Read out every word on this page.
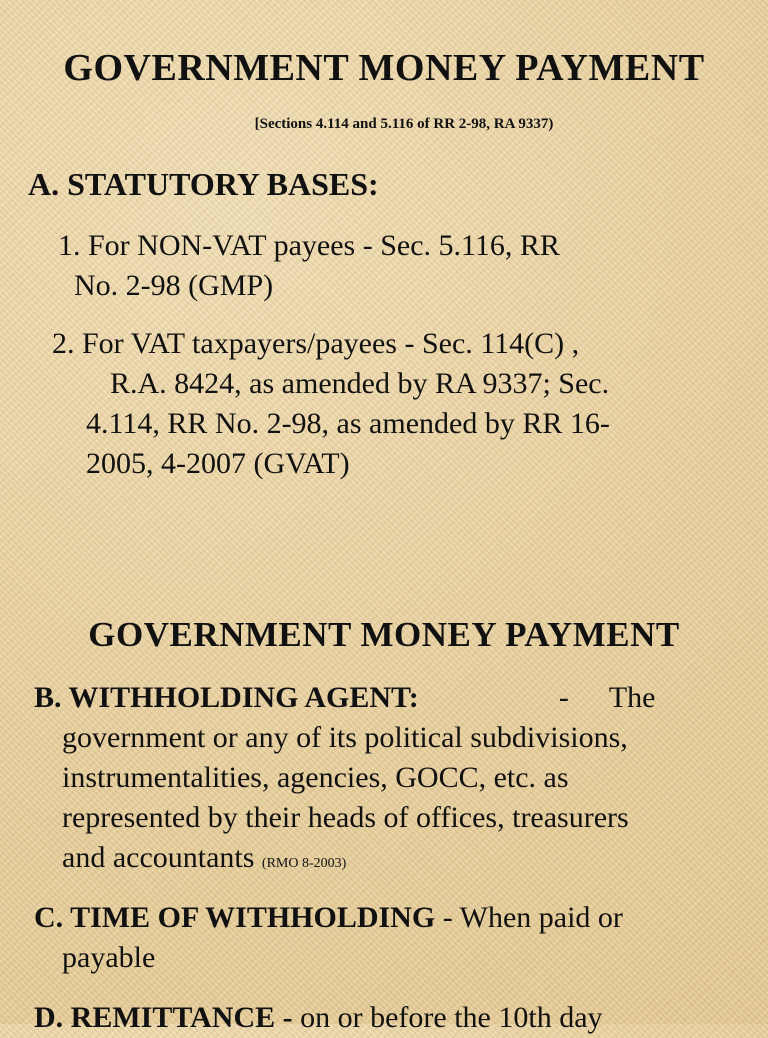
GOVERNMENT MONEY PAYMENT
[Sections 4.114 and 5.116 of RR 2-98, RA 9337)
A. STATUTORY BASES:
1. For NON-VAT payees - Sec. 5.116, RR
No. 2-98 (GMP)
2. For VAT taxpayers/payees - Sec. 114(C) ,
R.A. 8424, as amended by RA 9337; Sec.
4.114, RR No. 2-98, as amended by RR 16-
2005, 4-2007 (GVAT)
GOVERNMENT MONEY PAYMENT
B. WITHHOLDING AGENT:	- The
government or any of its political subdivisions,
instrumentalities, agencies, GOCC, etc. as
represented by their heads of offices, treasurers
and accountants (RMO 8-2003)
C. TIME OF WITHHOLDING - When paid or
payable
D. REMITTANCE - on or before the 10th day
